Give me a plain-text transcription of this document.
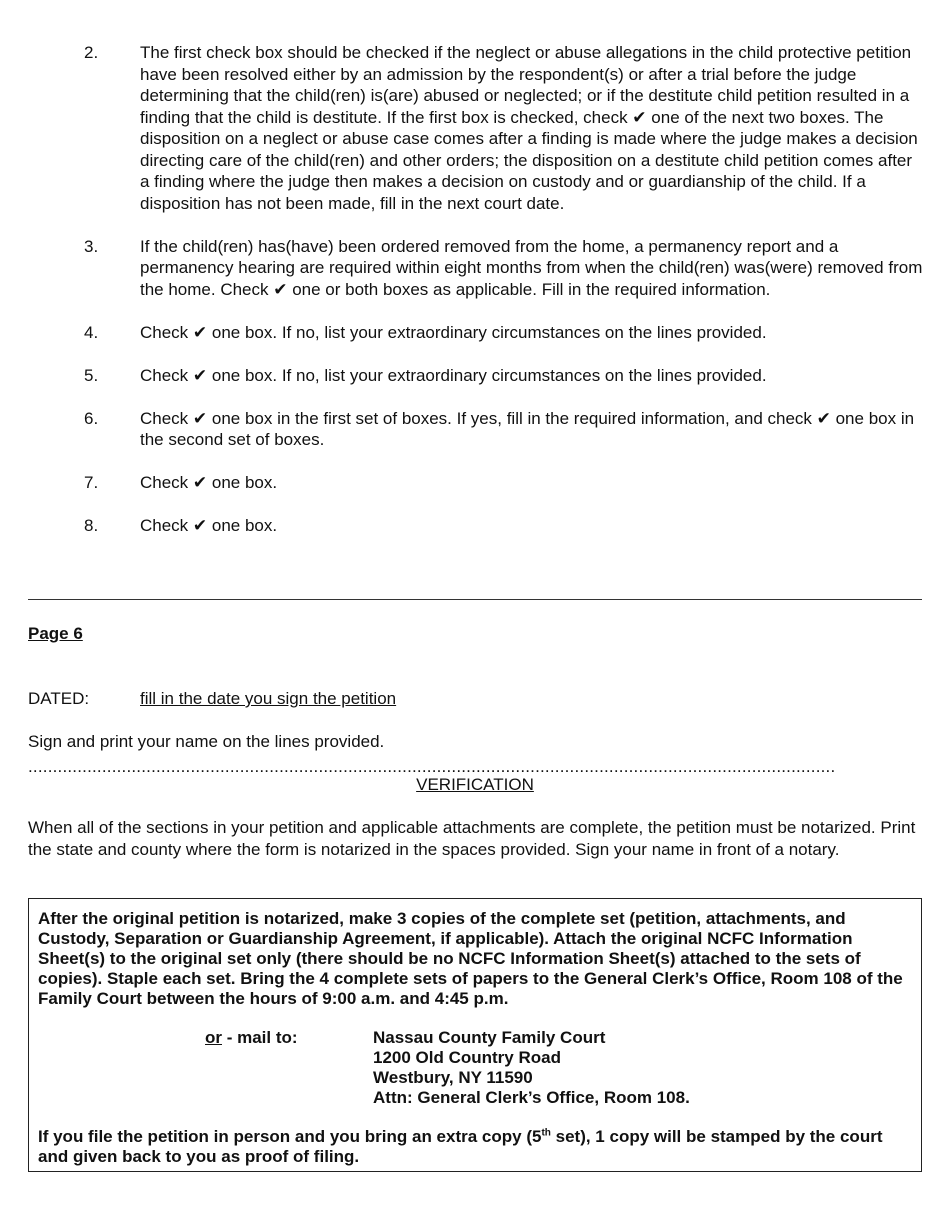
2.	The first check box should be checked if the neglect or abuse allegations in the child protective petition have been resolved either by an admission by the respondent(s) or after a trial before the judge determining that the child(ren) is(are) abused or neglected; or if the destitute child petition resulted in a finding that the child is destitute. If the first box is checked, check ✔ one of the next two boxes. The disposition on a neglect or abuse case comes after a finding is made where the judge makes a decision directing care of the child(ren) and other orders; the disposition on a destitute child petition comes after a finding where the judge then makes a decision on custody and or guardianship of the child. If a disposition has not been made, fill in the next court date.
3.	If the child(ren) has(have) been ordered removed from the home, a permanency report and a permanency hearing are required within eight months from when the child(ren) was(were) removed from the home. Check ✔ one or both boxes as applicable. Fill in the required information.
4.	Check ✔ one box. If no, list your extraordinary circumstances on the lines provided.
5.	Check ✔ one box. If no, list your extraordinary circumstances on the lines provided.
6.	Check ✔ one box in the first set of boxes. If yes, fill in the required information, and check ✔ one box in the second set of boxes.
7.	Check ✔ one box.
8.	Check ✔ one box.
Page 6
DATED:	fill in the date you sign the petition
Sign and print your name on the lines provided.
....................................................................................................................................................................
VERIFICATION
When all of the sections in your petition and applicable attachments are complete, the petition must be notarized. Print the state and county where the form is notarized in the spaces provided. Sign your name in front of a notary.

After the original petition is notarized, make 3 copies of the complete set (petition, attachments, and Custody, Separation or Guardianship Agreement, if applicable). Attach the original NCFC Information Sheet(s) to the original set only (there should be no NCFC Information Sheet(s) attached to the sets of copies). Staple each set. Bring the 4 complete sets of papers to the General Clerk’s Office, Room 108 of the Family Court between the hours of 9:00 a.m. and 4:45 p.m.

or - mail to:	Nassau County Family Court
1200 Old Country Road
Westbury, NY 11590
Attn: General Clerk’s Office, Room 108.
If you file the petition in person and you bring an extra copy (5th set), 1 copy will be stamped by the court and given back to you as proof of filing.
